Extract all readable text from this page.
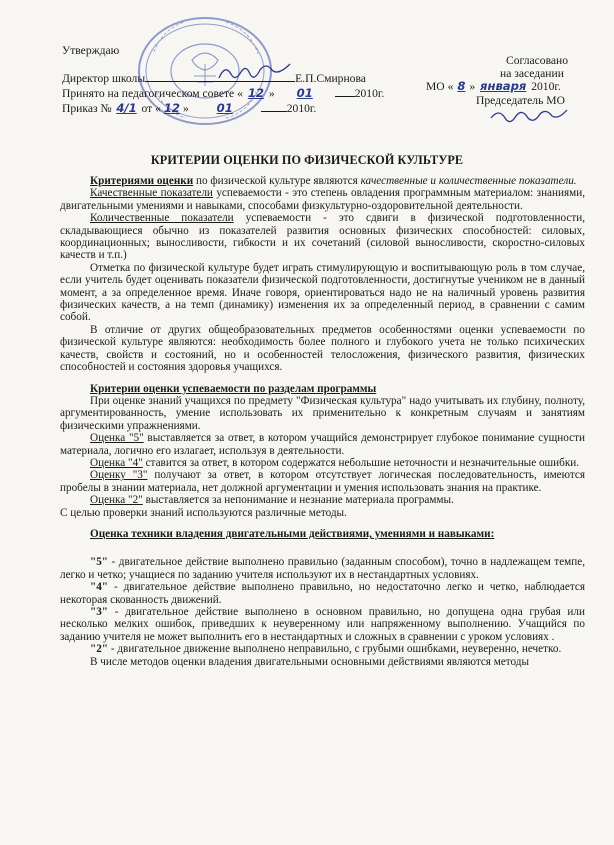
Утверждаю
Директор школы	Е.П.Смирнова
Принято на педагогическом совете « 12 » 01	2010г.
Приказ № 4/1 от « 12 » 01	2010г.
Согласовано
на заседании
МО « 8 » января 2010г.
Председатель МО
КРИТЕРИИ ОЦЕНКИ ПО ФИЗИЧЕСКОЙ КУЛЬТУРЕ

Критериями оценки по физической культуре являются качественные и количественные показатели.

Качественные показатели успеваемости - это степень овладения программным материалом: знаниями, двигательными умениями и навыками, способами физкультурно-оздоровительной деятельности.

Количественные показатели успеваемости - это сдвиги в физической подготовленности, складывающиеся обычно из показателей развития основных физических способностей: силовых, координационных; выносливости, гибкости и их сочетаний (силовой выносливости, скоростно-силовых качеств и т.п.)

Отметка по физической культуре будет играть стимулирующую и воспитывающую роль в том случае, если учитель будет оценивать показатели физической подготовленности, достигнутые учеником не в данный момент, а за определенное время. Иначе говоря, ориентироваться надо не на наличный уровень развития физических качеств, а на темп (динамику) изменения их за определенный период, в сравнении с самим собой.

В отличие от других общеобразовательных предметов особенностями оценки успеваемости по физической культуре являются: необходимость более полного и глубокого учета не только психических качеств, свойств и состояний, но и особенностей телосложения, физического развития, физических способностей и состояния здоровья учащихся.

Критерии оценки успеваемости по разделам программы

При оценке знаний учащихся по предмету "Физическая культура" надо учитывать их глубину, полноту, аргументированность, умение использовать их применительно к конкретным случаям и занятиям физическими упражнениями.

Оценка "5" выставляется за ответ, в котором учащийся демонстрирует глубокое понимание сущности материала, логично его излагает, используя в деятельности.

Оценка "4" ставится за ответ, в котором содержатся небольшие неточности и незначительные ошибки.

Оценку "3" получают за ответ, в котором отсутствует логическая последовательность, имеются пробелы в знании материала, нет должной аргументации и умения использовать знания на практике.

Оценка "2" выставляется за непонимание и незнание материала программы.

С целью проверки знаний используются различные методы.

Оценка техники владения двигательными действиями, умениями и навыками:

"5" - двигательное действие выполнено правильно (заданным способом), точно в надлежащем темпе, легко и четко; учащиеся по заданию учителя используют их в нестандартных условиях.

"4" - двигательное действие выполнено правильно, но недостаточно легко и четко, наблюдается некоторая скованность движений.

"3" - двигательное действие выполнено в основном правильно, но допущена одна грубая или несколько мелких ошибок, приведших к неуверенному или напряженному выполнению. Учащийся по заданию учителя не может выполнить его в нестандартных и сложных в сравнении с уроком условиях .

"2" - двигательное движение выполнено неправильно, с грубыми ошибками, неуверенно, нечетко.

В числе методов оценки владения двигательными основными действиями являются методы
